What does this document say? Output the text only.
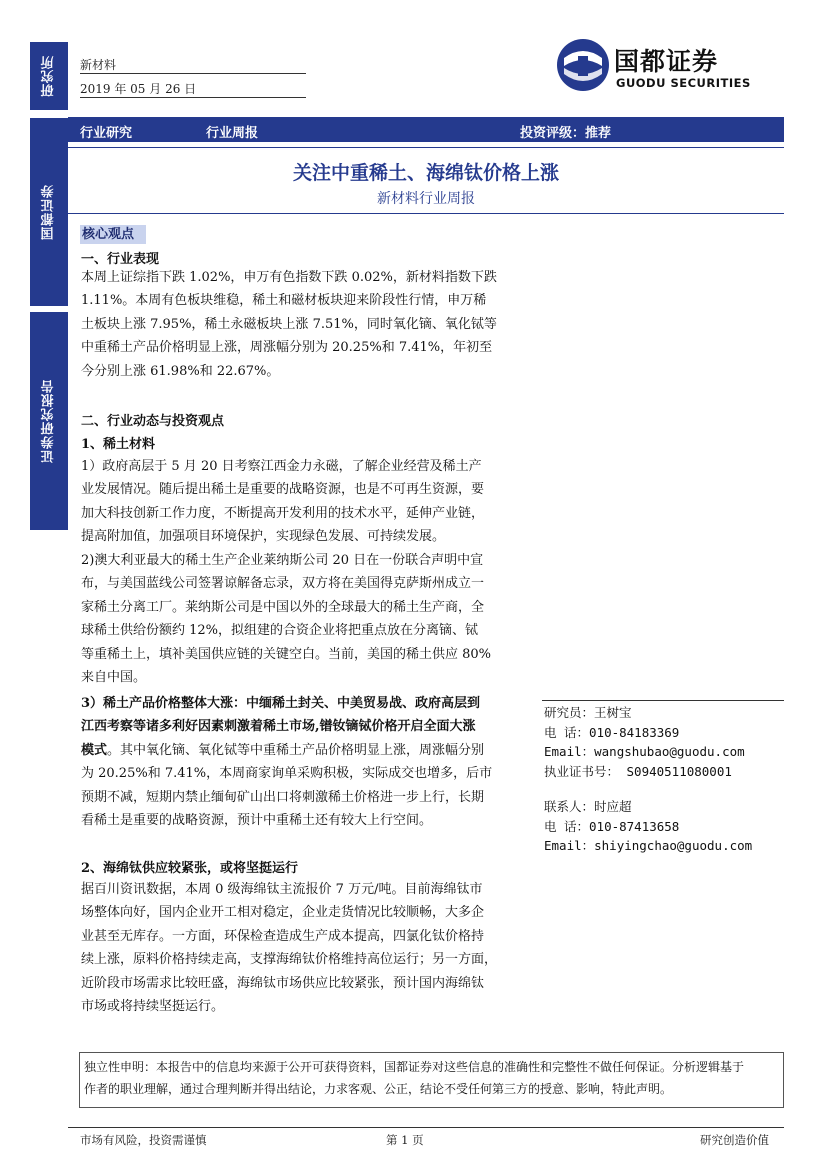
研究所
国都证券
证券研究报告
新材料
2019 年 05 月 26 日
国都证券
GUODU SECURITIES
行业研究	行业周报	投资评级：推荐
关注中重稀土、海绵钛价格上涨
新材料行业周报
核心观点
一、行业表现
本周上证综指下跌 1.02%，申万有色指数下跌 0.02%，新材料指数下跌
1.11%。本周有色板块维稳，稀土和磁材板块迎来阶段性行情，申万稀
土板块上涨 7.95%，稀土永磁板块上涨 7.51%，同时氧化镝、氧化铽等
中重稀土产品价格明显上涨，周涨幅分别为 20.25%和 7.41%，年初至
今分别上涨 61.98%和 22.67%。
二、行业动态与投资观点
1、稀土材料
1）政府高层于 5 月 20 日考察江西金力永磁，了解企业经营及稀土产
业发展情况。随后提出稀土是重要的战略资源，也是不可再生资源，要
加大科技创新工作力度，不断提高开发利用的技术水平，延伸产业链，
提高附加值，加强项目环境保护，实现绿色发展、可持续发展。
2)澳大利亚最大的稀土生产企业莱纳斯公司 20 日在一份联合声明中宣
布，与美国蓝线公司签署谅解备忘录，双方将在美国得克萨斯州成立一
家稀土分离工厂。莱纳斯公司是中国以外的全球最大的稀土生产商，全
球稀土供给份额约 12%，拟组建的合资企业将把重点放在分离镝、铽
等重稀土上，填补美国供应链的关键空白。当前，美国的稀土供应 80%
来自中国。
3）稀土产品价格整体大涨：中缅稀土封关、中美贸易战、政府高层到
江西考察等诸多利好因素刺激着稀土市场,镨钕镝铽价格开启全面大涨
模式。其中氧化镝、氧化铽等中重稀土产品价格明显上涨，周涨幅分别
为 20.25%和 7.41%，本周商家询单采购积极，实际成交也增多，后市
预期不减，短期内禁止缅甸矿山出口将刺激稀土价格进一步上行，长期
看稀土是重要的战略资源，预计中重稀土还有较大上行空间。
2、海绵钛供应较紧张，或将坚挺运行
据百川资讯数据，本周 0 级海绵钛主流报价 7 万元/吨。目前海绵钛市
场整体向好，国内企业开工相对稳定，企业走货情况比较顺畅，大多企
业甚至无库存。一方面，环保检查造成生产成本提高，四氯化钛价格持
续上涨，原料价格持续走高，支撑海绵钛价格维持高位运行；另一方面，
近阶段市场需求比较旺盛，海绵钛市场供应比较紧张，预计国内海绵钛
市场或将持续坚挺运行。
研究员：王树宝
电 话：010-84183369
Email：wangshubao@guodu.com
执业证书号： S0940511080001
联系人：时应超
电 话：010-87413658
Email：shiyingchao@guodu.com
独立性申明：本报告中的信息均来源于公开可获得资料，国都证券对这些信息的准确性和完整性不做任何保证。分析逻辑基于
作者的职业理解，通过合理判断并得出结论，力求客观、公正，结论不受任何第三方的授意、影响，特此声明。
市场有风险，投资需谨慎	第 1 页	研究创造价值
